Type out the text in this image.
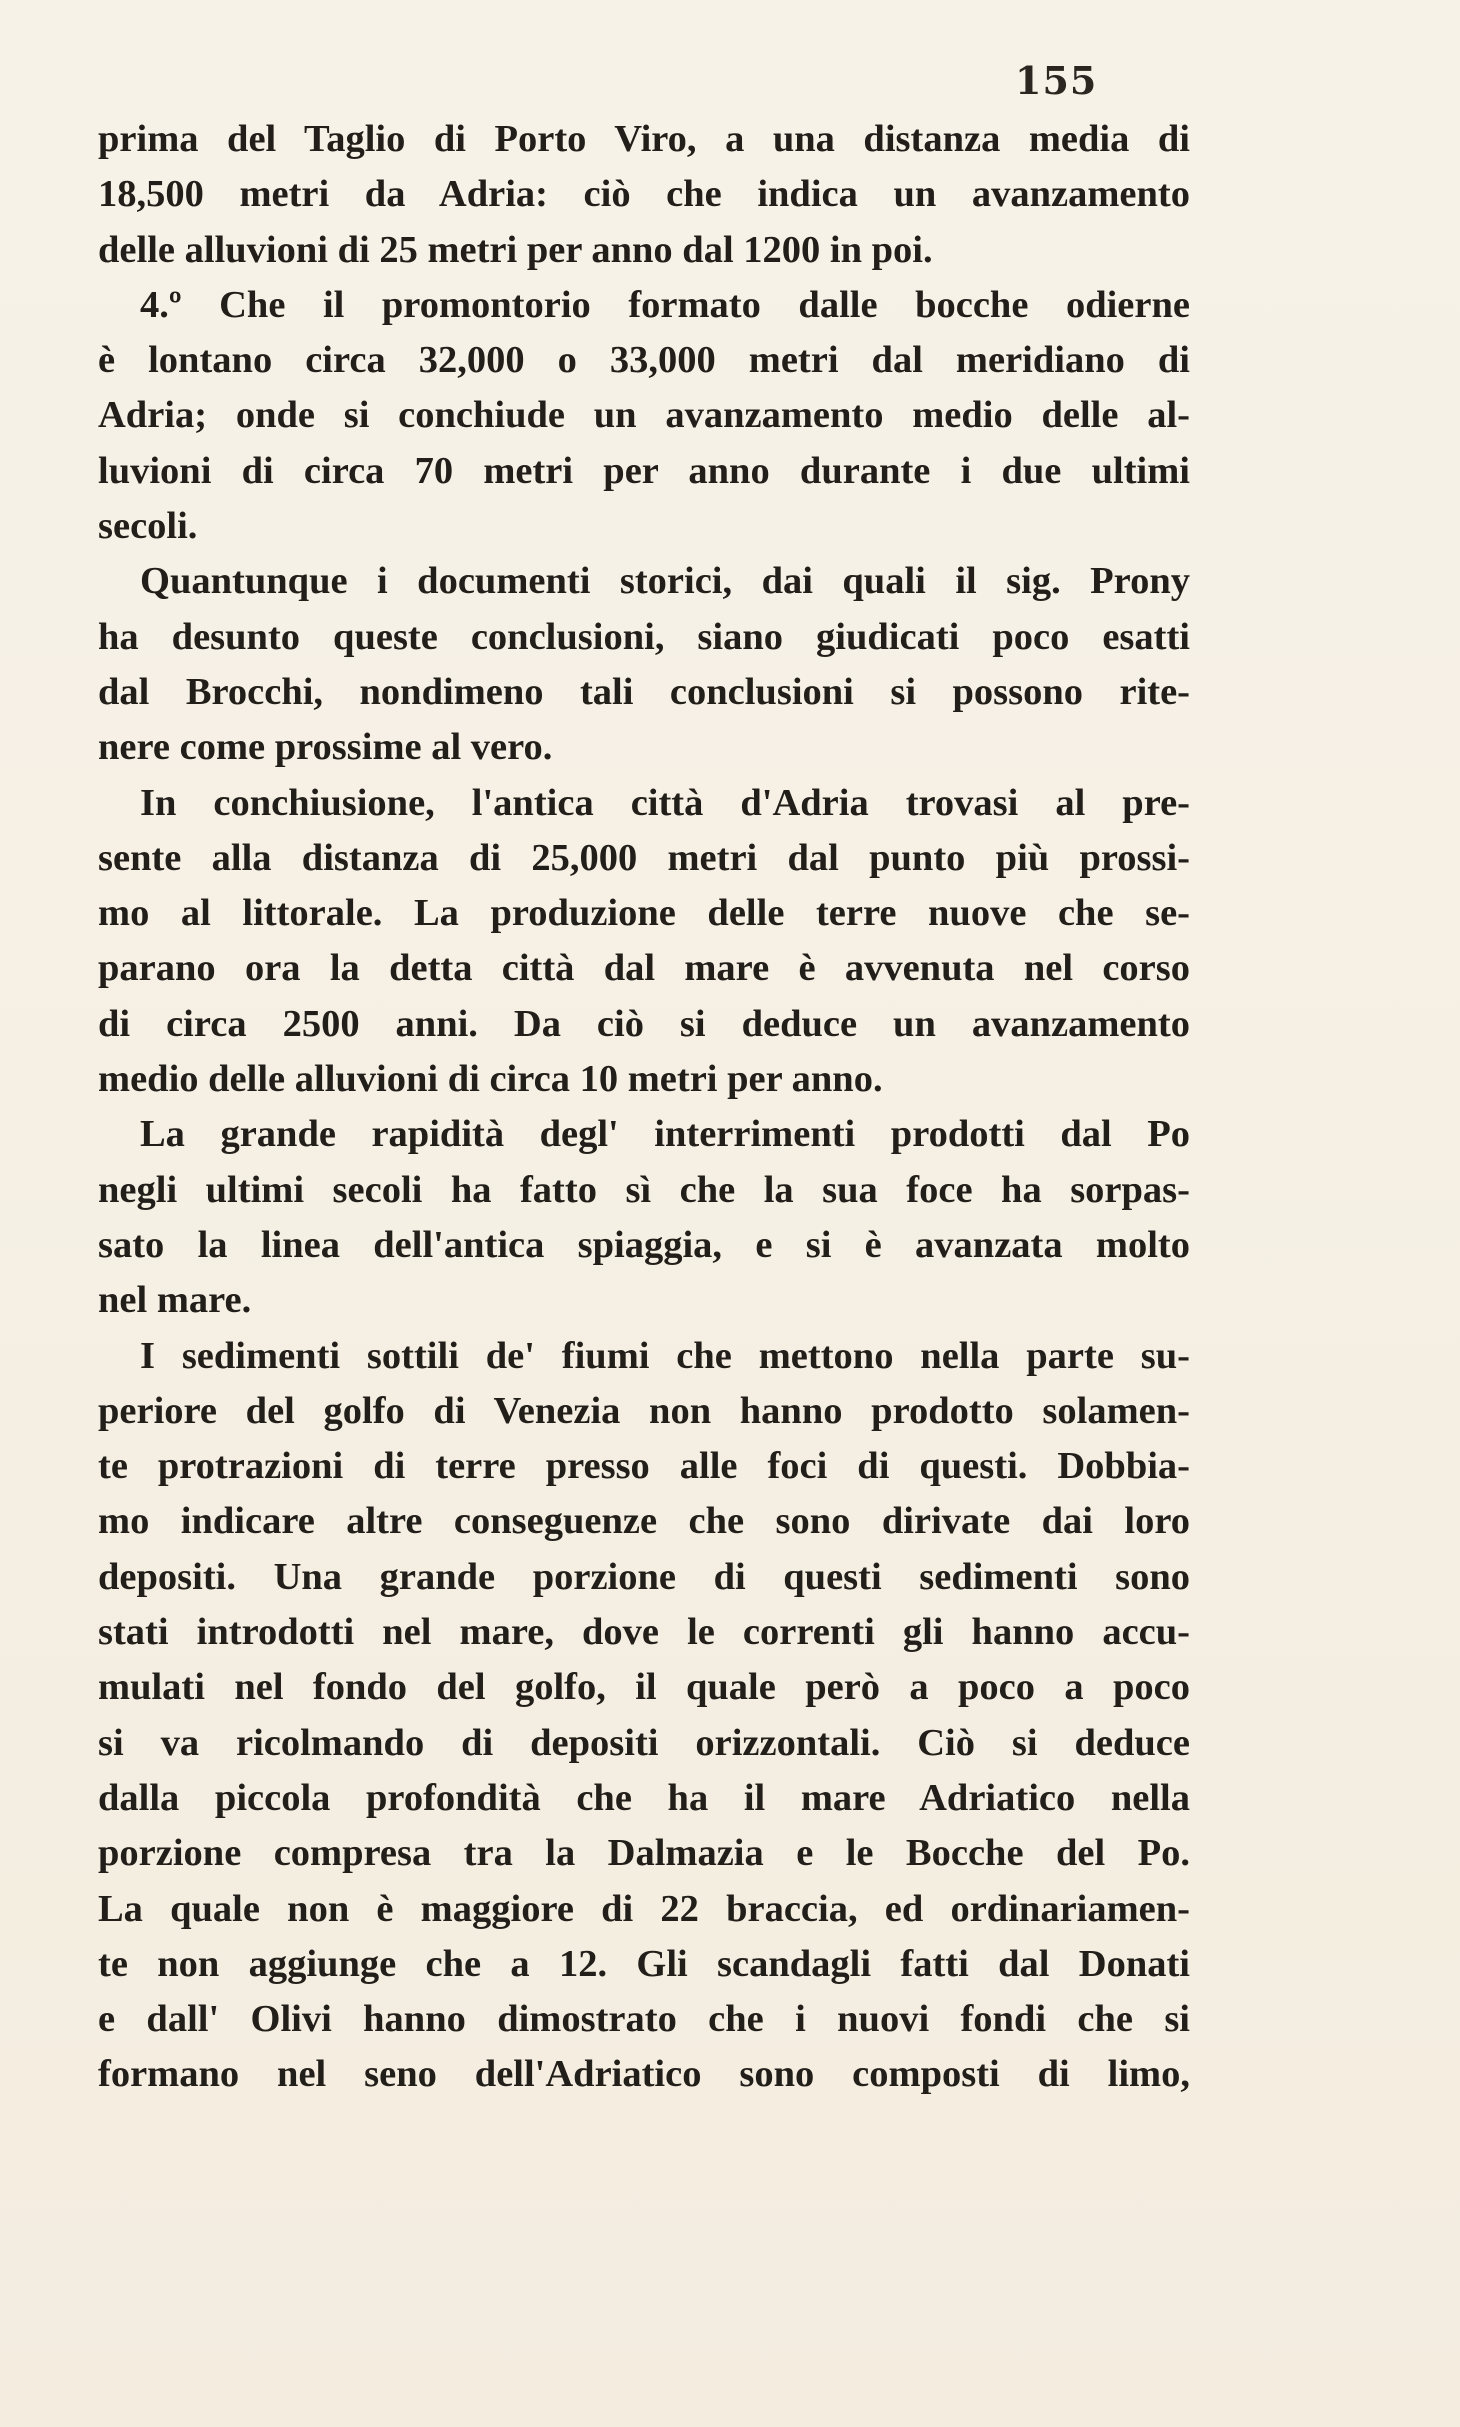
155
prima del Taglio di Porto Viro, a una distanza media di
18,500 metri da Adria: ciò che indica un avanzamento
delle alluvioni di 25 metri per anno dal 1200 in poi.
4.º Che il promontorio formato dalle bocche odierne
è lontano circa 32,000 o 33,000 metri dal meridiano di
Adria; onde si conchiude un avanzamento medio delle al-
luvioni di circa 70 metri per anno durante i due ultimi
secoli.
Quantunque i documenti storici, dai quali il sig. Prony
ha desunto queste conclusioni, siano giudicati poco esatti
dal Brocchi, nondimeno tali conclusioni si possono rite-
nere come prossime al vero.
In conchiusione, l'antica città d'Adria trovasi al pre-
sente alla distanza di 25,000 metri dal punto più prossi-
mo al littorale. La produzione delle terre nuove che se-
parano ora la detta città dal mare è avvenuta nel corso
di circa 2500 anni. Da ciò si deduce un avanzamento
medio delle alluvioni di circa 10 metri per anno.
La grande rapidità degl' interrimenti prodotti dal Po
negli ultimi secoli ha fatto sì che la sua foce ha sorpas-
sato la linea dell'antica spiaggia, e si è avanzata molto
nel mare.
I sedimenti sottili de' fiumi che mettono nella parte su-
periore del golfo di Venezia non hanno prodotto solamen-
te protrazioni di terre presso alle foci di questi. Dobbia-
mo indicare altre conseguenze che sono dirivate dai loro
depositi. Una grande porzione di questi sedimenti sono
stati introdotti nel mare, dove le correnti gli hanno accu-
mulati nel fondo del golfo, il quale però a poco a poco
si va ricolmando di depositi orizzontali. Ciò si deduce
dalla piccola profondità che ha il mare Adriatico nella
porzione compresa tra la Dalmazia e le Bocche del Po.
La quale non è maggiore di 22 braccia, ed ordinariamen-
te non aggiunge che a 12. Gli scandagli fatti dal Donati
e dall' Olivi hanno dimostrato che i nuovi fondi che si
formano nel seno dell'Adriatico sono composti di limo,
